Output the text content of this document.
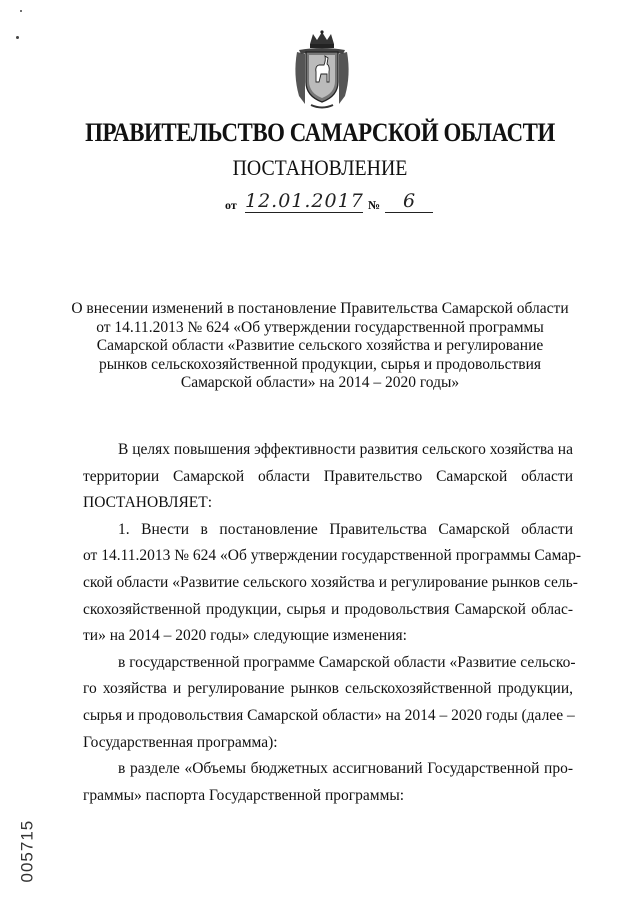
ПРАВИТЕЛЬСТВО САМАРСКОЙ ОБЛАСТИ
ПОСТАНОВЛЕНИЕ
от 12.01.2017 №	6
О внесении изменений в постановление Правительства Самарской области
от 14.11.2013 № 624 «Об утверждении государственной программы
Самарской области «Развитие сельского хозяйства и регулирование
рынков сельскохозяйственной продукции, сырья и продовольствия
Самарской области» на 2014 – 2020 годы»
В целях повышения эффективности развития сельского хозяйства на
территории Самарской области Правительство Самарской области
ПОСТАНОВЛЯЕТ:
1. Внести в постановление Правительства Самарской области
от 14.11.2013 № 624 «Об утверждении государственной программы Самар-
ской области «Развитие сельского хозяйства и регулирование рынков сель-
скохозяйственной продукции, сырья и продовольствия Самарской облас-
ти» на 2014 – 2020 годы» следующие изменения:
в государственной программе Самарской области «Развитие сельско-
го хозяйства и регулирование рынков сельскохозяйственной продукции,
сырья и продовольствия Самарской области» на 2014 – 2020 годы (далее –
Государственная программа):
в разделе «Объемы бюджетных ассигнований Государственной про-
граммы» паспорта Государственной программы:
005715
